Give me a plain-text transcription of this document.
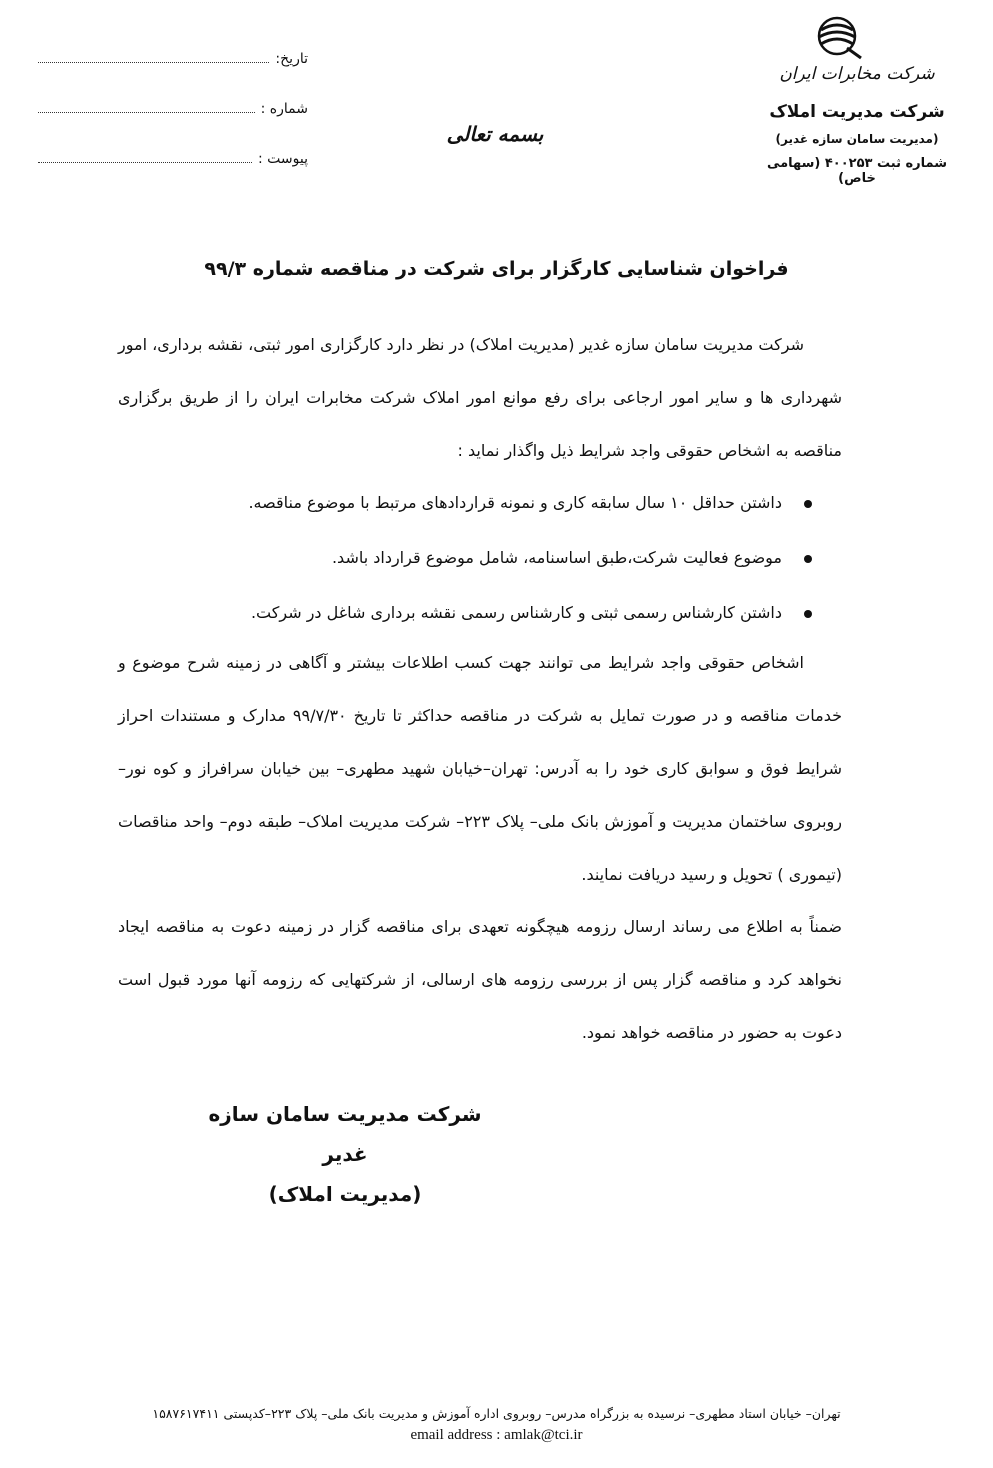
شرکت مخابرات ایران
شرکت مدیریت املاک
(مدیریت سامان سازه غدیر)
شماره ثبت ۴۰۰۲۵۳ (سهامی خاص)
بسمه تعالی
تاریخ:
شماره :
پیوست :
فراخوان شناسایی کارگزار برای شرکت در مناقصه شماره ۹۹/۳
شرکت مدیریت سامان سازه غدیر (مدیریت املاک) در نظر دارد کارگزاری امور ثبتی، نقشه برداری، امور شهرداری ها و سایر امور ارجاعی برای رفع موانع امور املاک شرکت مخابرات ایران را از طریق برگزاری مناقصه به اشخاص حقوقی واجد شرایط ذیل واگذار نماید :
داشتن حداقل ۱۰ سال سابقه کاری و نمونه قراردادهای مرتبط با موضوع مناقصه.
موضوع فعالیت شرکت،طبق اساسنامه، شامل موضوع قرارداد باشد.
داشتن کارشناس رسمی ثبتی و کارشناس رسمی نقشه برداری شاغل در شرکت.
اشخاص حقوقی واجد شرایط می توانند جهت کسب اطلاعات بیشتر و آگاهی در زمینه شرح موضوع و خدمات مناقصه و در صورت تمایل به شرکت در مناقصه حداکثر تا تاریخ ۹۹/۷/۳۰ مدارک و مستندات احراز شرایط فوق و سوابق کاری خود را به آدرس: تهران–خیابان شهید مطهری– بین خیابان سرافراز و کوه نور– روبروی ساختمان مدیریت و آموزش بانک ملی– پلاک ۲۲۳– شرکت مدیریت املاک– طبقه دوم– واحد مناقصات (تیموری ) تحویل و رسید دریافت نمایند.
ضمناً به اطلاع می رساند ارسال رزومه هیچگونه تعهدی برای مناقصه گزار در زمینه دعوت به مناقصه ایجاد نخواهد کرد و مناقصه گزار پس از بررسی رزومه های ارسالی، از شرکتهایی که رزومه آنها مورد قبول است دعوت به حضور در مناقصه خواهد نمود.
شرکت مدیریت سامان سازه غدیر
(مدیریت املاک)
تهران– خیابان استاد مطهری– نرسیده به بزرگراه مدرس– روبروی اداره آموزش و مدیریت بانک ملی– پلاک ۲۲۳–کدپستی ۱۵۸۷۶۱۷۴۱۱
email address : amlak@tci.ir
